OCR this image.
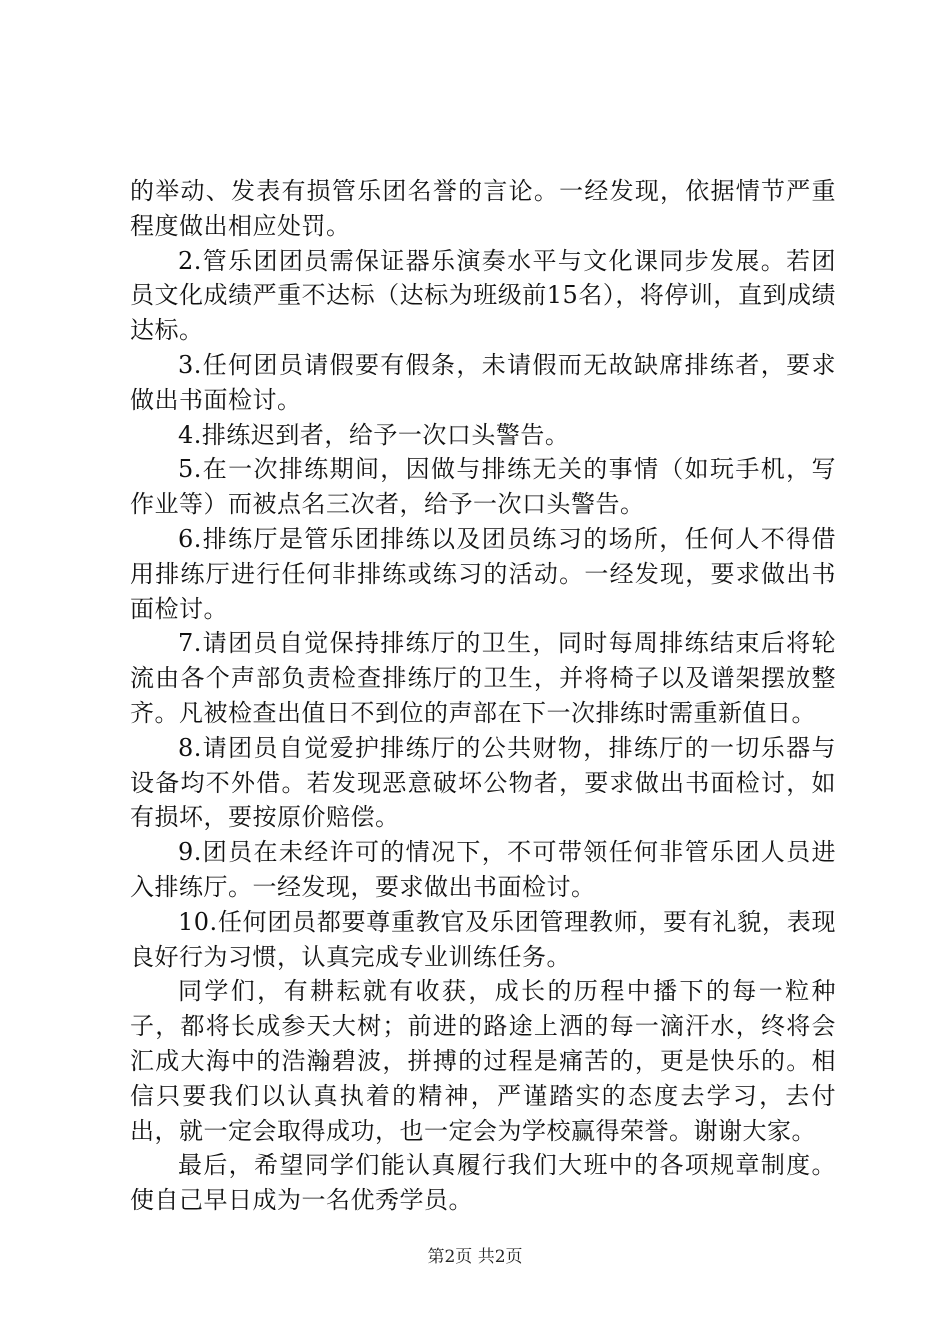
的举动、发表有损管乐团名誉的言论。一经发现，依据情节严重程度做出相应处罚。

2.管乐团团员需保证器乐演奏水平与文化课同步发展。若团员文化成绩严重不达标（达标为班级前15名），将停训，直到成绩达标。

3.任何团员请假要有假条，未请假而无故缺席排练者，要求做出书面检讨。

4.排练迟到者，给予一次口头警告。

5.在一次排练期间，因做与排练无关的事情（如玩手机，写作业等）而被点名三次者，给予一次口头警告。

6.排练厅是管乐团排练以及团员练习的场所，任何人不得借用排练厅进行任何非排练或练习的活动。一经发现，要求做出书面检讨。

7.请团员自觉保持排练厅的卫生，同时每周排练结束后将轮流由各个声部负责检查排练厅的卫生，并将椅子以及谱架摆放整齐。凡被检查出值日不到位的声部在下一次排练时需重新值日。

8.请团员自觉爱护排练厅的公共财物，排练厅的一切乐器与设备均不外借。若发现恶意破坏公物者，要求做出书面检讨，如有损坏，要按原价赔偿。

9.团员在未经许可的情况下，不可带领任何非管乐团人员进入排练厅。一经发现，要求做出书面检讨。

10.任何团员都要尊重教官及乐团管理教师，要有礼貌，表现良好行为习惯，认真完成专业训练任务。

同学们，有耕耘就有收获，成长的历程中播下的每一粒种子，都将长成参天大树；前进的路途上洒的每一滴汗水，终将会汇成大海中的浩瀚碧波，拼搏的过程是痛苦的，更是快乐的。相信只要我们以认真执着的精神，严谨踏实的态度去学习，去付出，就一定会取得成功，也一定会为学校赢得荣誉。谢谢大家。

最后，希望同学们能认真履行我们大班中的各项规章制度。使自己早日成为一名优秀学员。

第2页 共2页
